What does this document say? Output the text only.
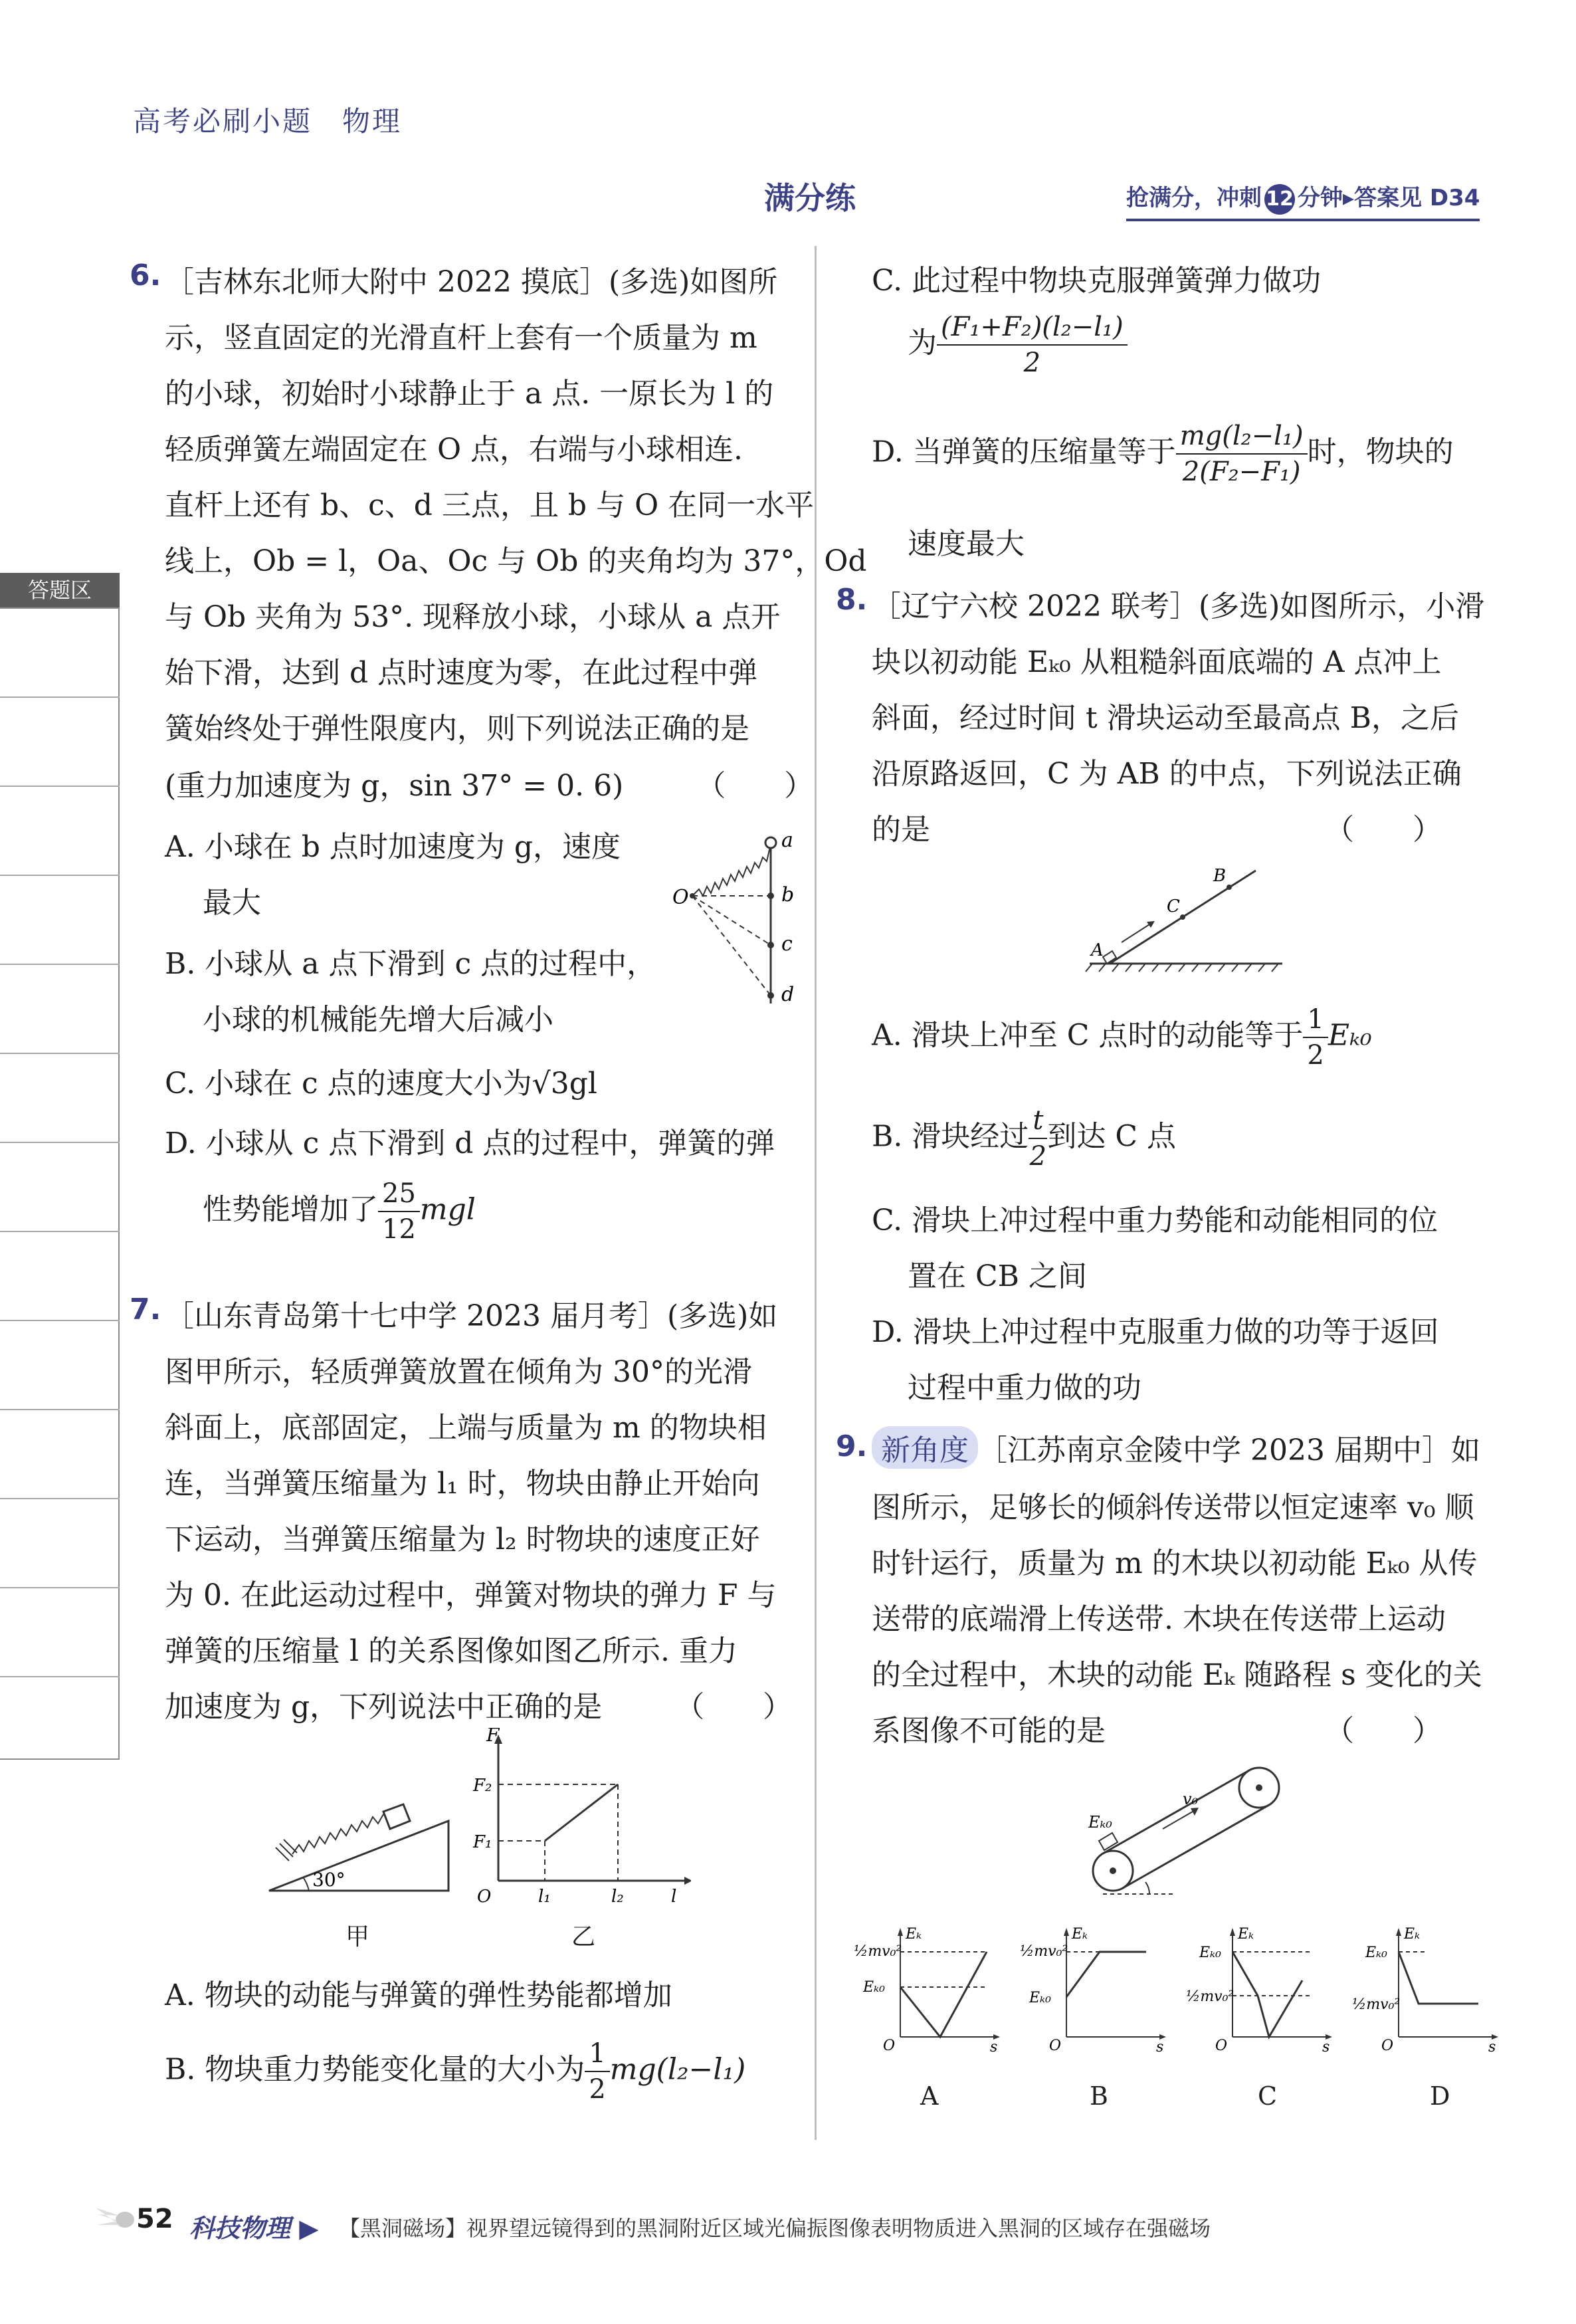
高考必刷小题　物理
满分练	抢满分，冲刺 12 分钟▸答案见 D34
答题区
6. ［吉林东北师大附中 2022 摸底］(多选)如图所
示，竖直固定的光滑直杆上套有一个质量为 m
的小球，初始时小球静止于 a 点. 一原长为 l 的
轻质弹簧左端固定在 O 点，右端与小球相连.
直杆上还有 b、c、d 三点，且 b 与 O 在同一水平
线上，Ob = l，Oa、Oc 与 Ob 的夹角均为 37°，Od
与 Ob 夹角为 53°. 现释放小球，小球从 a 点开
始下滑，达到 d 点时速度为零，在此过程中弹
簧始终处于弹性限度内，则下列说法正确的是
(重力加速度为 g，sin 37° = 0. 6)　　　（　　）
A. 小球在 b 点时加速度为 g，速度
最大
B. 小球从 a 点下滑到 c 点的过程中，
小球的机械能先增大后减小
C. 小球在 c 点的速度大小为√3gl
D. 小球从 c 点下滑到 d 点的过程中，弹簧的弹
性势能增加了 $\frac{25}{12}$ mgl
O
a
b
c
d
7. ［山东青岛第十七中学 2023 届月考］(多选)如
图甲所示，轻质弹簧放置在倾角为 30°的光滑
斜面上，底部固定，上端与质量为 m 的物块相
连，当弹簧压缩量为 l₁ 时，物块由静止开始向
下运动，当弹簧压缩量为 l₂ 时物块的速度正好
为 0. 在此运动过程中，弹簧对物块的弹力 F 与
弹簧的压缩量 l 的关系图像如图乙所示. 重力
加速度为 g，下列说法中正确的是　　　（　　）
30°
F
F₂
F₁
O	l₁	l₂	l
甲	乙
A. 物块的动能与弹簧的弹性势能都增加
B. 物块重力势能变化量的大小为 $\frac{1}{2} mg(l_2-l_1)$
C. 此过程中物块克服弹簧弹力做功
为 $\frac{\text{(F₁+F₂)(l₂−l₁)}}{2}$
D. 当弹簧的压缩量等于 $\frac{\text{mg(l₂−l₁)}}{\text{2(F₂−F₁)}}$ 时，物块的
速度最大
8. ［辽宁六校 2022 联考］(多选)如图所示，小滑
块以初动能 Eₖ₀ 从粗糙斜面底端的 A 点冲上
斜面，经过时间 t 滑块运动至最高点 B，之后
沿原路返回，C 为 AB 的中点，下列说法正确
的是　　　　　　　　　　　　　　（　　）
A
C
B
A. 滑块上冲至 C 点时的动能等于 $\frac{1}{2} E_{k0}$
B. 滑块经过 $\frac{t}{2}$ 到达 C 点
C. 滑块上冲过程中重力势能和动能相同的位
置在 CB 之间
D. 滑块上冲过程中克服重力做的功等于返回
过程中重力做的功
9. 新角度 ［江苏南京金陵中学 2023 届期中］如
图所示，足够长的倾斜传送带以恒定速率 v₀ 顺
时针运行，质量为 m 的木块以初动能 Eₖ₀ 从传
送带的底端滑上传送带. 木块在传送带上运动
的全过程中，木块的动能 Eₖ 随路程 s 变化的关
系图像不可能的是　　　　　　　　（　　）
Eₖ₀
v₀
½mv₀²
Eₖ₀
Eₖ
O	s
A
½mv₀²
Eₖ₀
Eₖ
O	s
B
Eₖ₀
½mv₀²
Eₖ
O	s
C
Eₖ₀
½mv₀²
Eₖ
O	s
D
52 科技物理 ▶ 【黑洞磁场】视界望远镜得到的黑洞附近区域光偏振图像表明物质进入黑洞的区域存在强磁场
